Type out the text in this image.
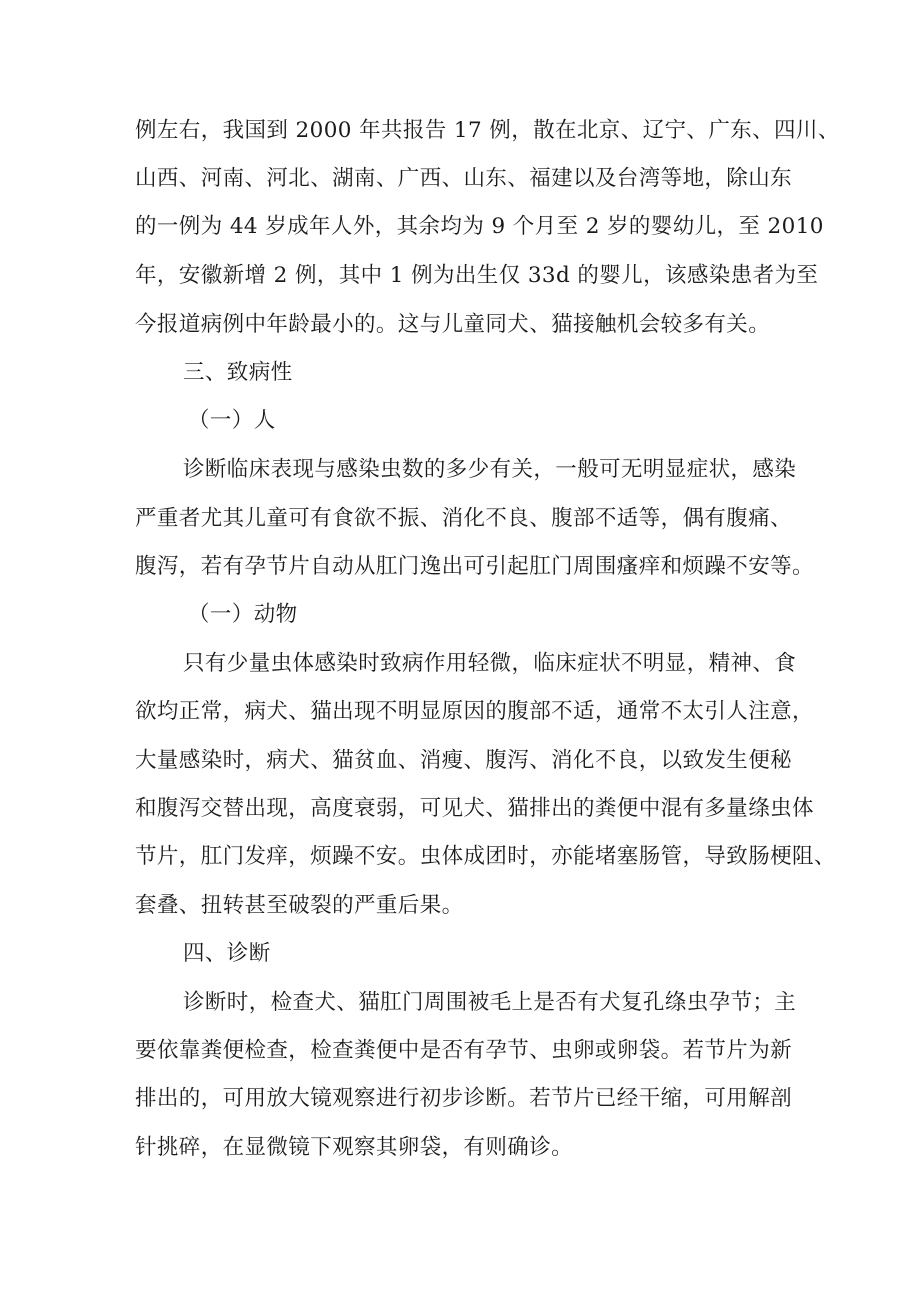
例左右，我国到 2000 年共报告 17 例，散在北京、辽宁、广东、四川、
山西、河南、河北、湖南、广西、山东、福建以及台湾等地，除山东
的一例为 44 岁成年人外，其余均为 9 个月至 2 岁的婴幼儿，至 2010
年，安徽新增 2 例，其中 1 例为出生仅 33d 的婴儿，该感染患者为至
今报道病例中年龄最小的。这与儿童同犬、猫接触机会较多有关。
三、致病性
（一）人
诊断临床表现与感染虫数的多少有关，一般可无明显症状，感染
严重者尤其儿童可有食欲不振、消化不良、腹部不适等，偶有腹痛、
腹泻，若有孕节片自动从肛门逸出可引起肛门周围瘙痒和烦躁不安等。
（一）动物
只有少量虫体感染时致病作用轻微，临床症状不明显，精神、食
欲均正常，病犬、猫出现不明显原因的腹部不适，通常不太引人注意，
大量感染时，病犬、猫贫血、消瘦、腹泻、消化不良，以致发生便秘
和腹泻交替出现，高度衰弱，可见犬、猫排出的粪便中混有多量绦虫体
节片，肛门发痒，烦躁不安。虫体成团时，亦能堵塞肠管，导致肠梗阻、
套叠、扭转甚至破裂的严重后果。
四、诊断
诊断时，检查犬、猫肛门周围被毛上是否有犬复孔绦虫孕节；主
要依靠粪便检查，检查粪便中是否有孕节、虫卵或卵袋。若节片为新
排出的，可用放大镜观察进行初步诊断。若节片已经干缩，可用解剖
针挑碎，在显微镜下观察其卵袋，有则确诊。
